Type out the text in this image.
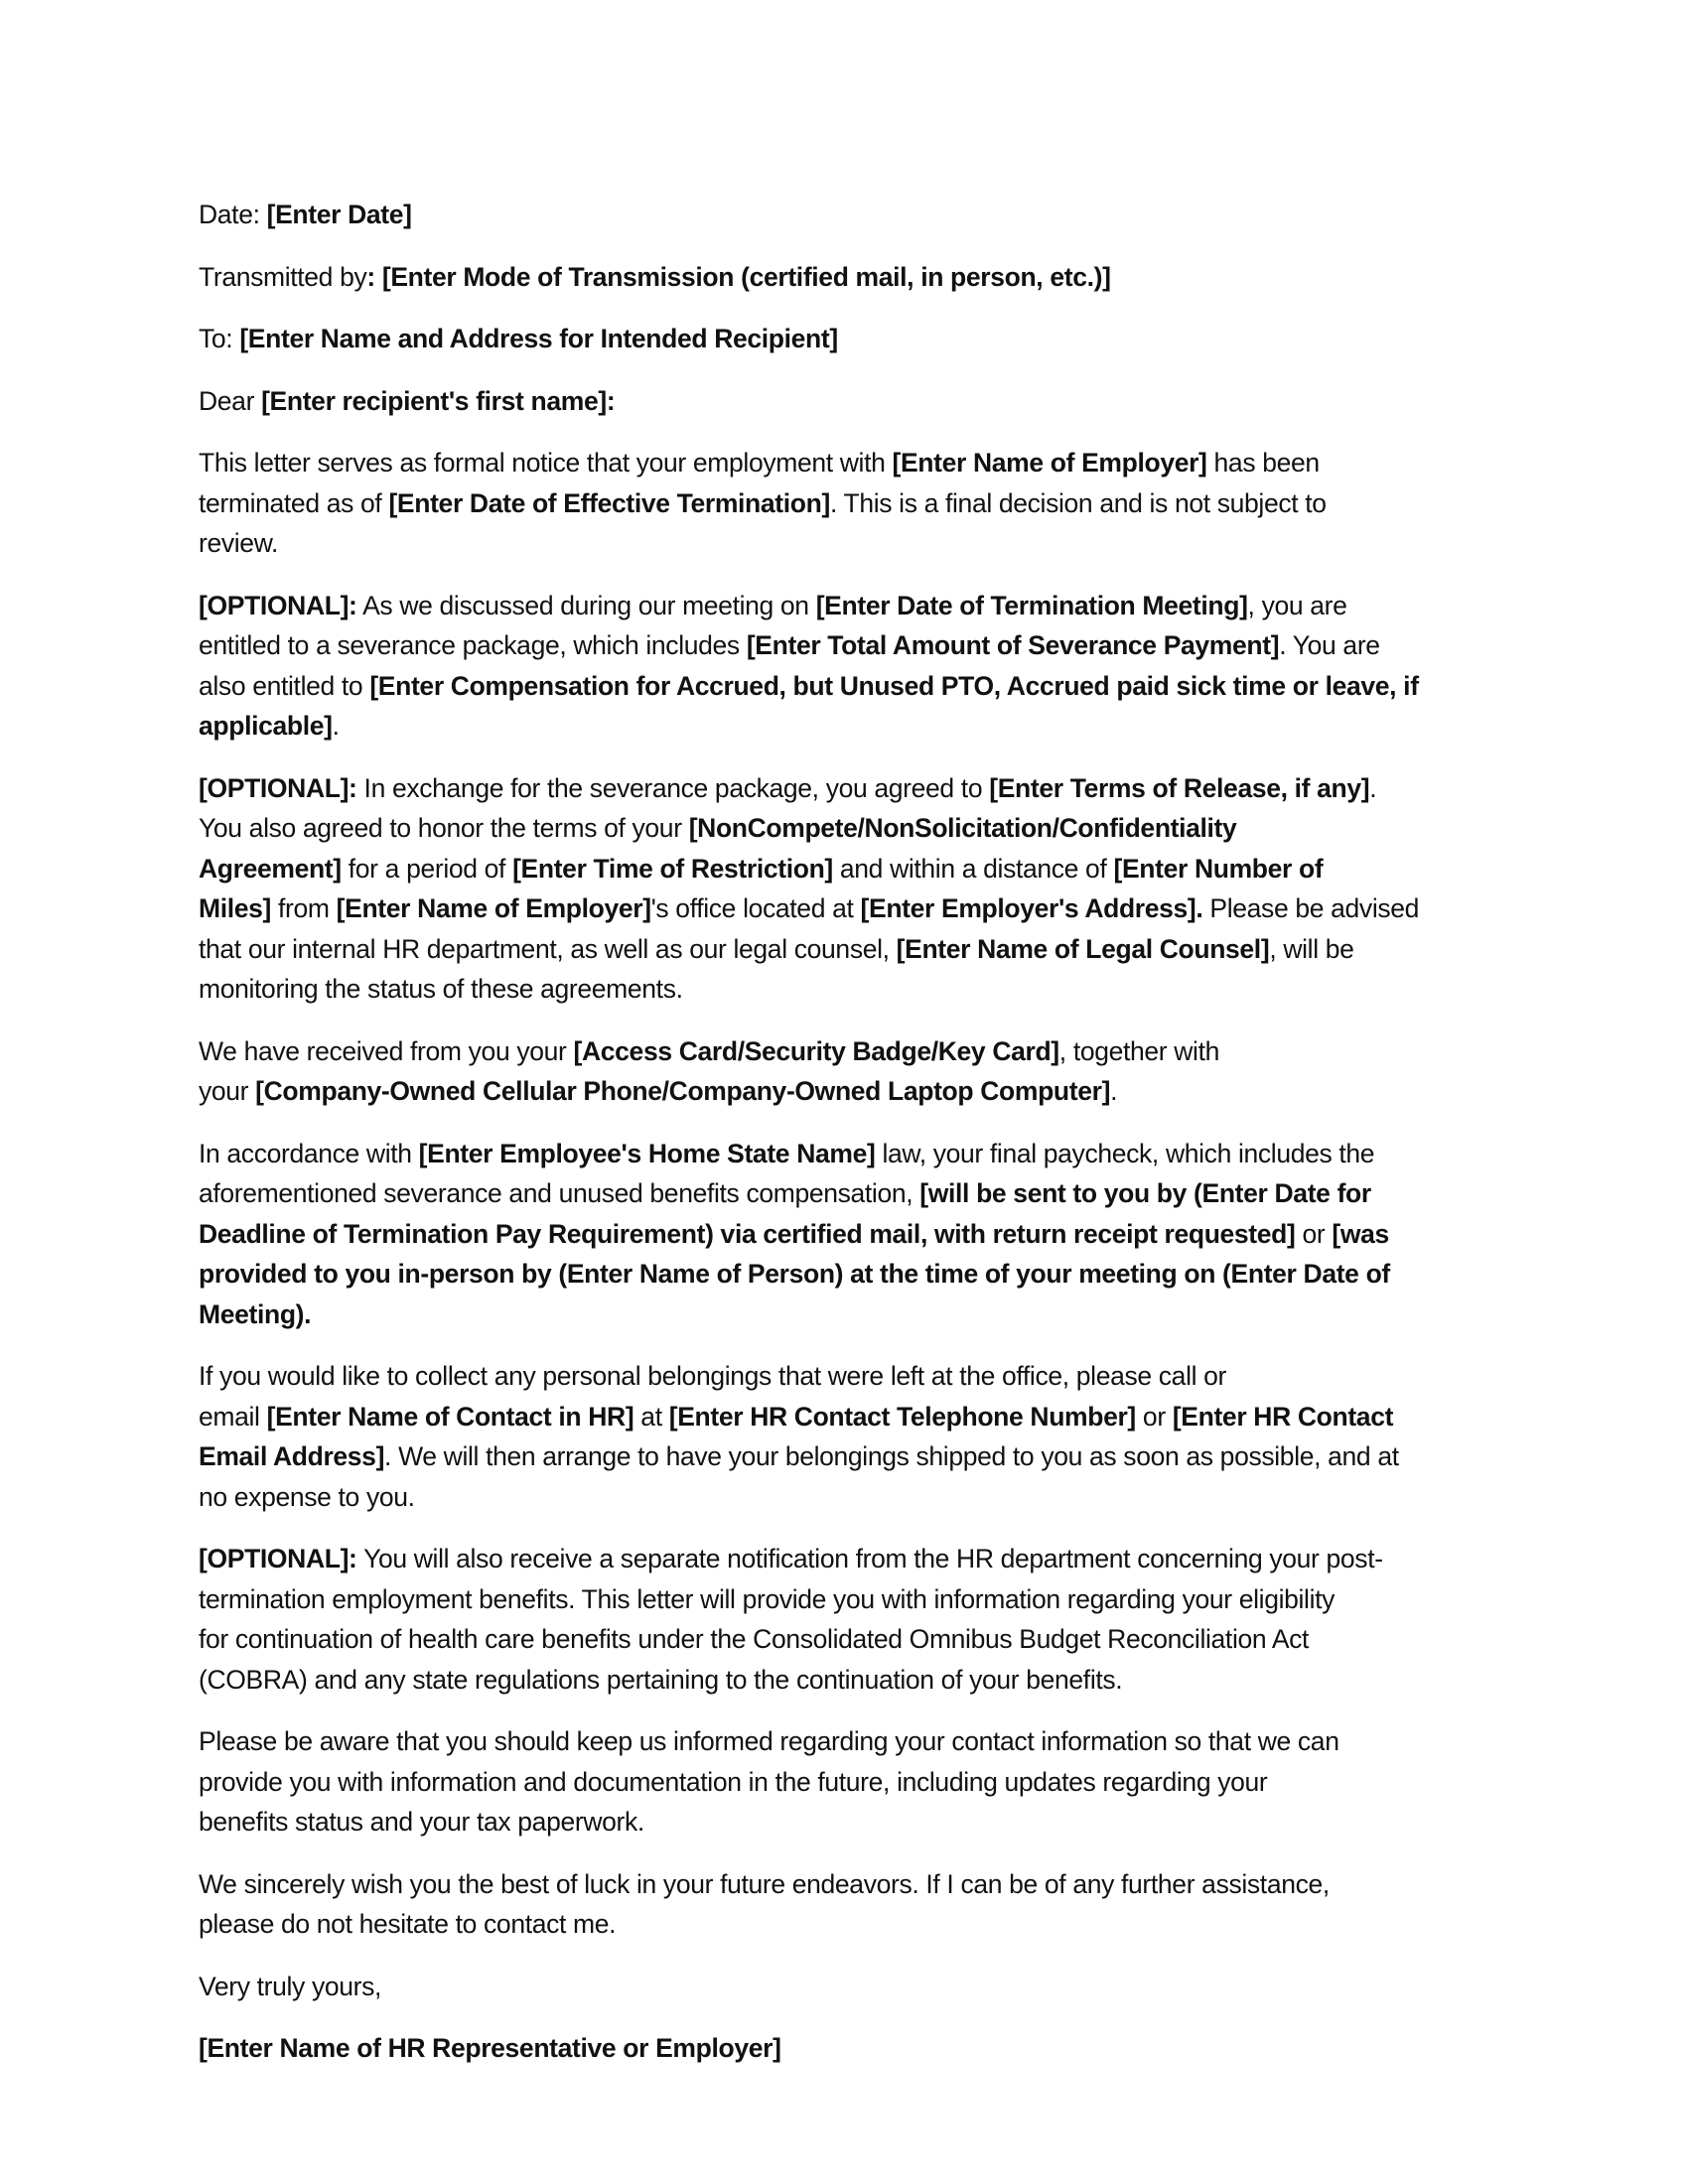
Date: [Enter Date]
Transmitted by: [Enter Mode of Transmission (certified mail, in person, etc.)]
To: [Enter Name and Address for Intended Recipient]
Dear [Enter recipient's first name]:
This letter serves as formal notice that your employment with [Enter Name of Employer] has been
terminated as of [Enter Date of Effective Termination]. This is a final decision and is not subject to
review.
[OPTIONAL]: As we discussed during our meeting on [Enter Date of Termination Meeting], you are
entitled to a severance package, which includes [Enter Total Amount of Severance Payment]. You are
also entitled to [Enter Compensation for Accrued, but Unused PTO, Accrued paid sick time or leave, if
applicable].
[OPTIONAL]: In exchange for the severance package, you agreed to [Enter Terms of Release, if any].
You also agreed to honor the terms of your [NonCompete/NonSolicitation/Confidentiality
Agreement] for a period of [Enter Time of Restriction] and within a distance of [Enter Number of
Miles] from [Enter Name of Employer]'s office located at [Enter Employer's Address]. Please be advised
that our internal HR department, as well as our legal counsel, [Enter Name of Legal Counsel], will be
monitoring the status of these agreements.
We have received from you your [Access Card/Security Badge/Key Card], together with
your [Company-Owned Cellular Phone/Company-Owned Laptop Computer].
In accordance with [Enter Employee's Home State Name] law, your final paycheck, which includes the
aforementioned severance and unused benefits compensation, [will be sent to you by (Enter Date for
Deadline of Termination Pay Requirement) via certified mail, with return receipt requested] or [was
provided to you in-person by (Enter Name of Person) at the time of your meeting on (Enter Date of
Meeting).
If you would like to collect any personal belongings that were left at the office, please call or
email [Enter Name of Contact in HR] at [Enter HR Contact Telephone Number] or [Enter HR Contact
Email Address]. We will then arrange to have your belongings shipped to you as soon as possible, and at
no expense to you.
[OPTIONAL]: You will also receive a separate notification from the HR department concerning your post-
termination employment benefits. This letter will provide you with information regarding your eligibility
for continuation of health care benefits under the Consolidated Omnibus Budget Reconciliation Act
(COBRA) and any state regulations pertaining to the continuation of your benefits.
Please be aware that you should keep us informed regarding your contact information so that we can
provide you with information and documentation in the future, including updates regarding your
benefits status and your tax paperwork.
We sincerely wish you the best of luck in your future endeavors. If I can be of any further assistance,
please do not hesitate to contact me.
Very truly yours,
[Enter Name of HR Representative or Employer]
